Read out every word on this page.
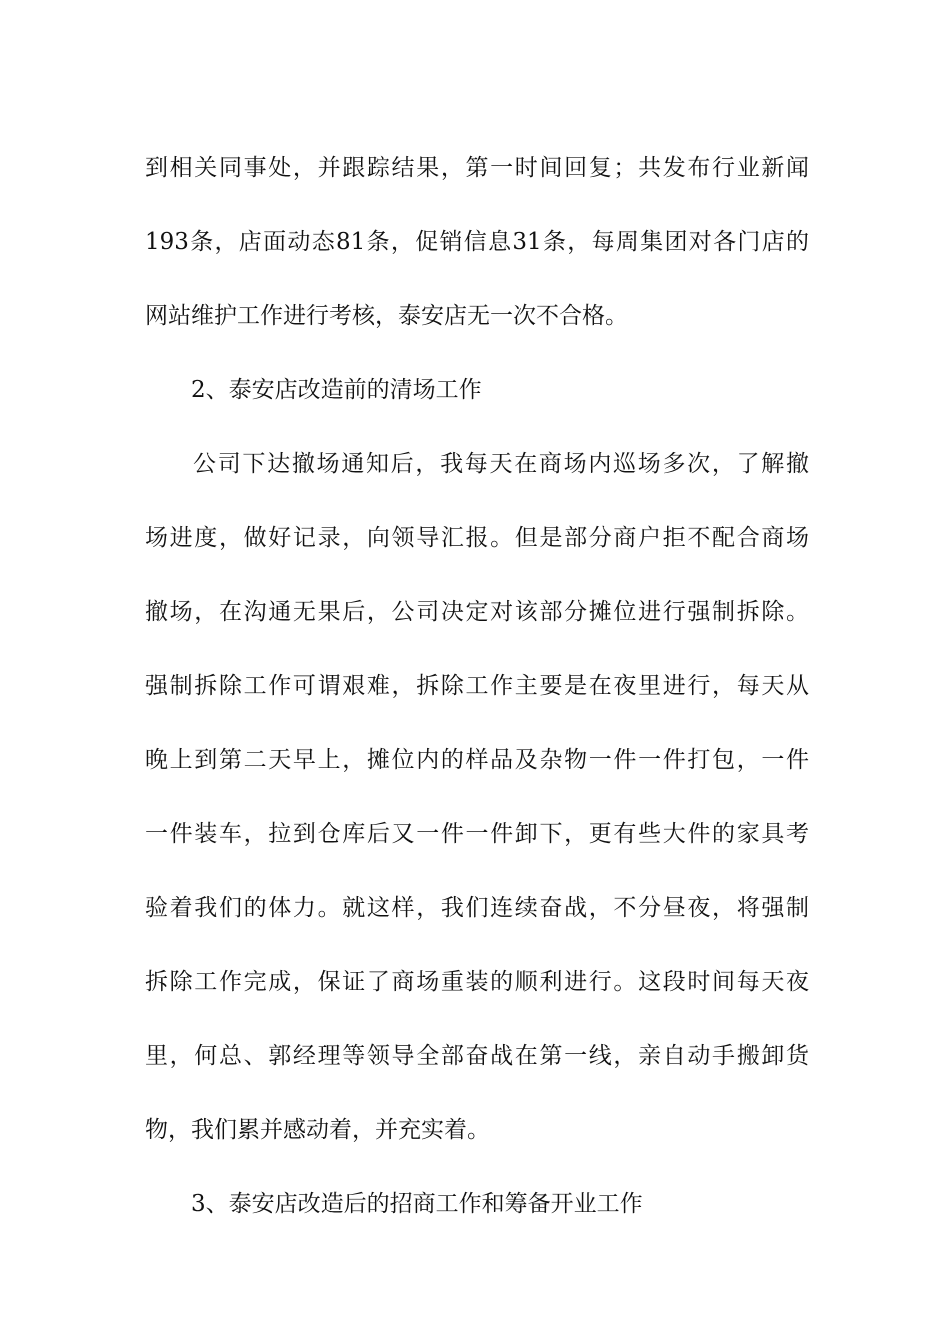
到相关同事处，并跟踪结果，第一时间回复；共发布行业新闻
193条，店面动态81条，促销信息31条，每周集团对各门店的
网站维护工作进行考核，泰安店无一次不合格。
2、泰安店改造前的清场工作
公司下达撤场通知后，我每天在商场内巡场多次，了解撤
场进度，做好记录，向领导汇报。但是部分商户拒不配合商场
撤场，在沟通无果后，公司决定对该部分摊位进行强制拆除。
强制拆除工作可谓艰难，拆除工作主要是在夜里进行，每天从
晚上到第二天早上，摊位内的样品及杂物一件一件打包，一件
一件装车，拉到仓库后又一件一件卸下，更有些大件的家具考
验着我们的体力。就这样，我们连续奋战，不分昼夜，将强制
拆除工作完成，保证了商场重装的顺利进行。这段时间每天夜
里，何总、郭经理等领导全部奋战在第一线，亲自动手搬卸货
物，我们累并感动着，并充实着。
3、泰安店改造后的招商工作和筹备开业工作
